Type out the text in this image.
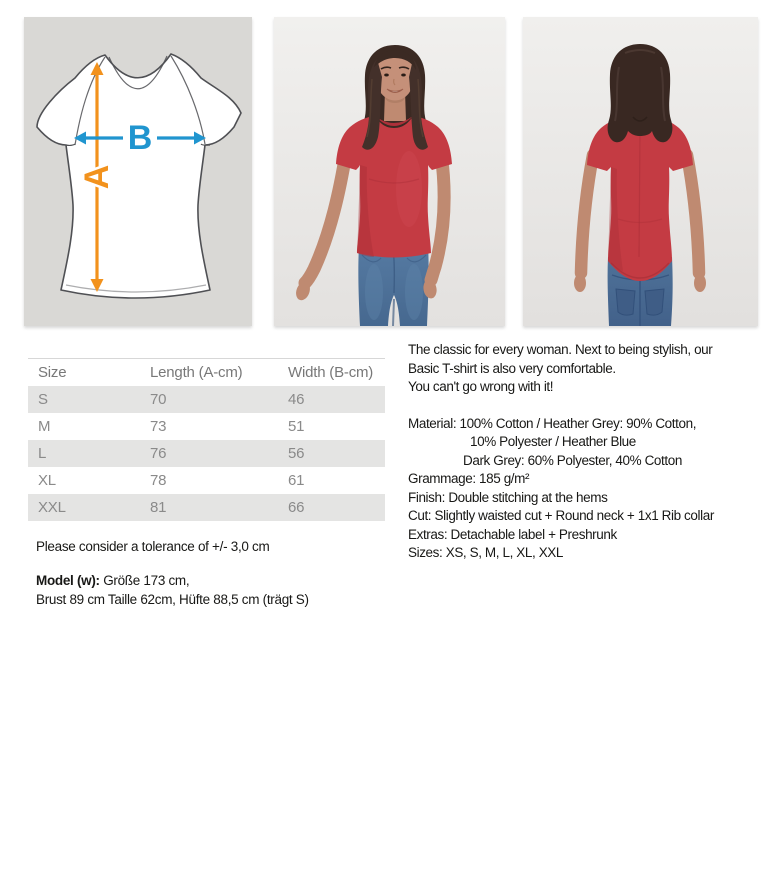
A
B
Size	Length (A-cm)	Width (B-cm)
S	70	46
M	73	51
L	76	56
XL	78	61
XXL	81	66
The classic for every woman. Next to being stylish, our
Basic T-shirt is also very comfortable.
You can't go wrong with it!
Material: 100% Cotton / Heather Grey: 90% Cotton,
10% Polyester / Heather Blue
Dark Grey: 60% Polyester, 40% Cotton
Grammage: 185 g/m²
Finish: Double stitching at the hems
Cut: Slightly waisted cut + Round neck + 1x1 Rib collar
Extras: Detachable label + Preshrunk
Sizes: XS, S, M, L, XL, XXL
Please consider a tolerance of +/- 3,0 cm
Model (w): Größe 173 cm,
Brust 89 cm Taille 62cm, Hüfte 88,5 cm (trägt S)
